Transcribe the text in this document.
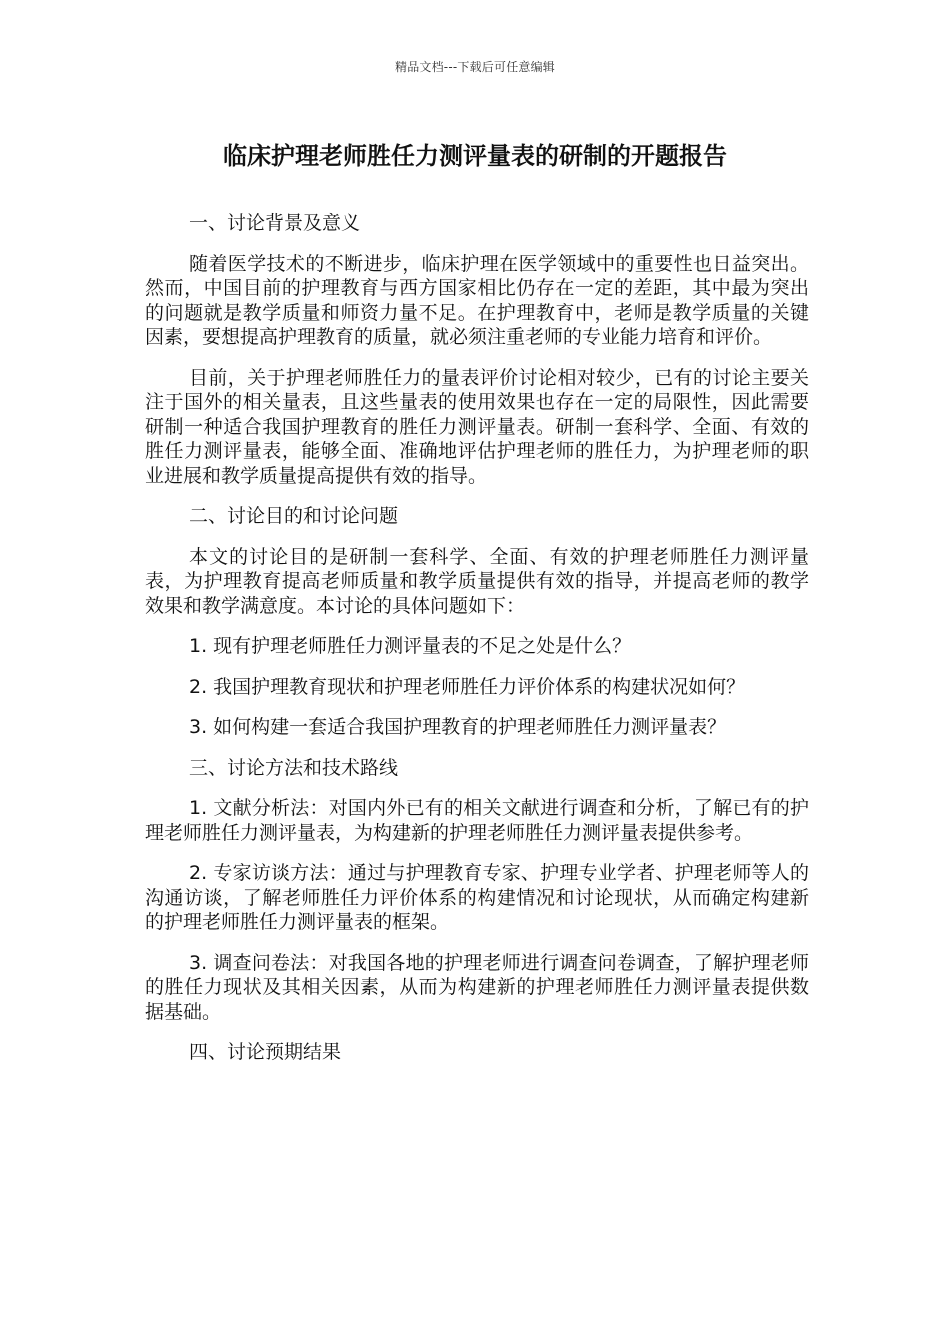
精品文档---下载后可任意编辑
临床护理老师胜任力测评量表的研制的开题报告

一、讨论背景及意义

随着医学技术的不断进步，临床护理在医学领域中的重要性也日益突出。然而，中国目前的护理教育与西方国家相比仍存在一定的差距，其中最为突出的问题就是教学质量和师资力量不足。在护理教育中，老师是教学质量的关键因素，要想提高护理教育的质量，就必须注重老师的专业能力培育和评价。

目前，关于护理老师胜任力的量表评价讨论相对较少，已有的讨论主要关注于国外的相关量表，且这些量表的使用效果也存在一定的局限性，因此需要研制一种适合我国护理教育的胜任力测评量表。研制一套科学、全面、有效的胜任力测评量表，能够全面、准确地评估护理老师的胜任力，为护理老师的职业进展和教学质量提高提供有效的指导。

二、讨论目的和讨论问题

本文的讨论目的是研制一套科学、全面、有效的护理老师胜任力测评量表，为护理教育提高老师质量和教学质量提供有效的指导，并提高老师的教学效果和教学满意度。本讨论的具体问题如下：

1. 现有护理老师胜任力测评量表的不足之处是什么？

2. 我国护理教育现状和护理老师胜任力评价体系的构建状况如何？

3. 如何构建一套适合我国护理教育的护理老师胜任力测评量表？

三、讨论方法和技术路线

1. 文献分析法：对国内外已有的相关文献进行调查和分析，了解已有的护理老师胜任力测评量表，为构建新的护理老师胜任力测评量表提供参考。

2. 专家访谈方法：通过与护理教育专家、护理专业学者、护理老师等人的沟通访谈，了解老师胜任力评价体系的构建情况和讨论现状，从而确定构建新的护理老师胜任力测评量表的框架。

3. 调查问卷法：对我国各地的护理老师进行调查问卷调查，了解护理老师的胜任力现状及其相关因素，从而为构建新的护理老师胜任力测评量表提供数据基础。

四、讨论预期结果
